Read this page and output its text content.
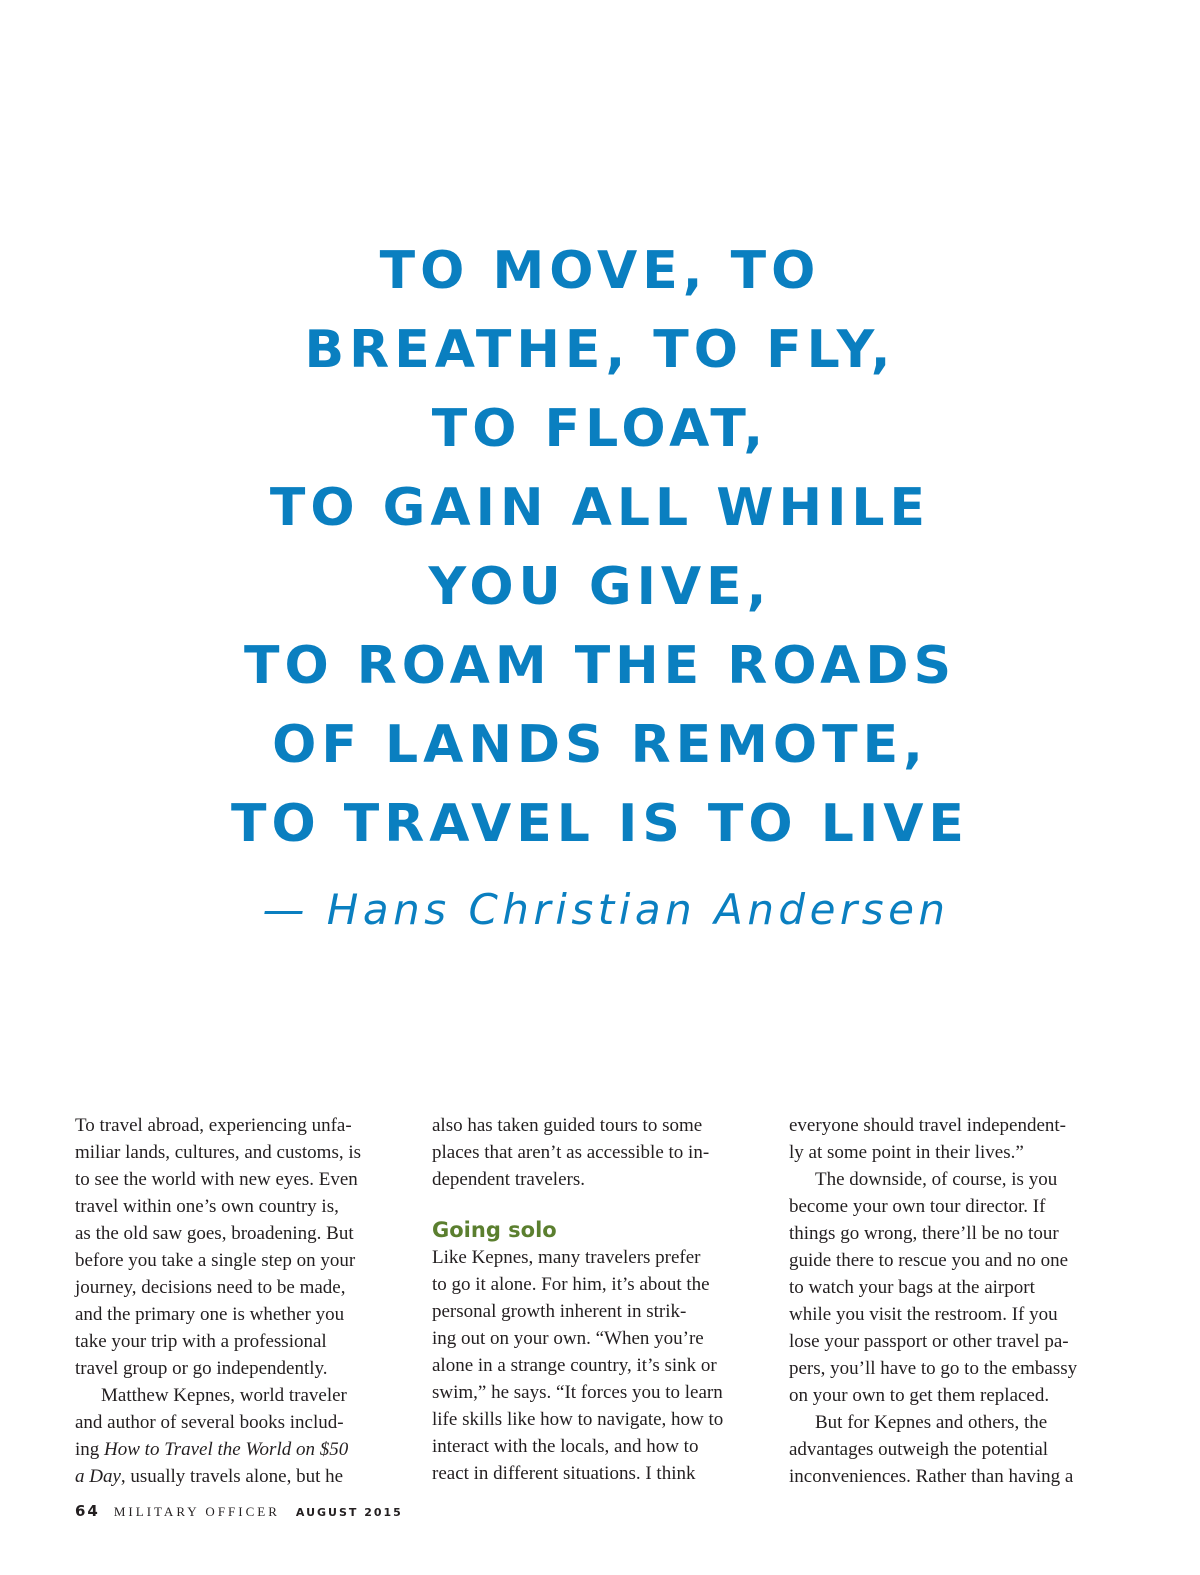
TO MOVE, TO
BREATHE, TO FLY,
TO FLOAT,
TO GAIN ALL WHILE
YOU GIVE,
TO ROAM THE ROADS
OF LANDS REMOTE,
TO TRAVEL IS TO LIVE
— Hans Christian Andersen
To travel abroad, experiencing unfa-
miliar lands, cultures, and customs, is
to see the world with new eyes. Even
travel within one’s own country is,
as the old saw goes, broadening. But
before you take a single step on your
journey, decisions need to be made,
and the primary one is whether you
take your trip with a professional
travel group or go independently.
Matthew Kepnes, world traveler
and author of several books includ-
ing How to Travel the World on $50
a Day, usually travels alone, but he
also has taken guided tours to some
places that aren’t as accessible to in-
dependent travelers.
Going solo
Like Kepnes, many travelers prefer
to go it alone. For him, it’s about the
personal growth inherent in strik-
ing out on your own. “When you’re
alone in a strange country, it’s sink or
swim,” he says. “It forces you to learn
life skills like how to navigate, how to
interact with the locals, and how to
react in different situations. I think
everyone should travel independent-
ly at some point in their lives.”
The downside, of course, is you
become your own tour director. If
things go wrong, there’ll be no tour
guide there to rescue you and no one
to watch your bags at the airport
while you visit the restroom. If you
lose your passport or other travel pa-
pers, you’ll have to go to the embassy
on your own to get them replaced.
But for Kepnes and others, the
advantages outweigh the potential
inconveniences. Rather than having a
64 MILITARY OFFICER AUGUST 2015
